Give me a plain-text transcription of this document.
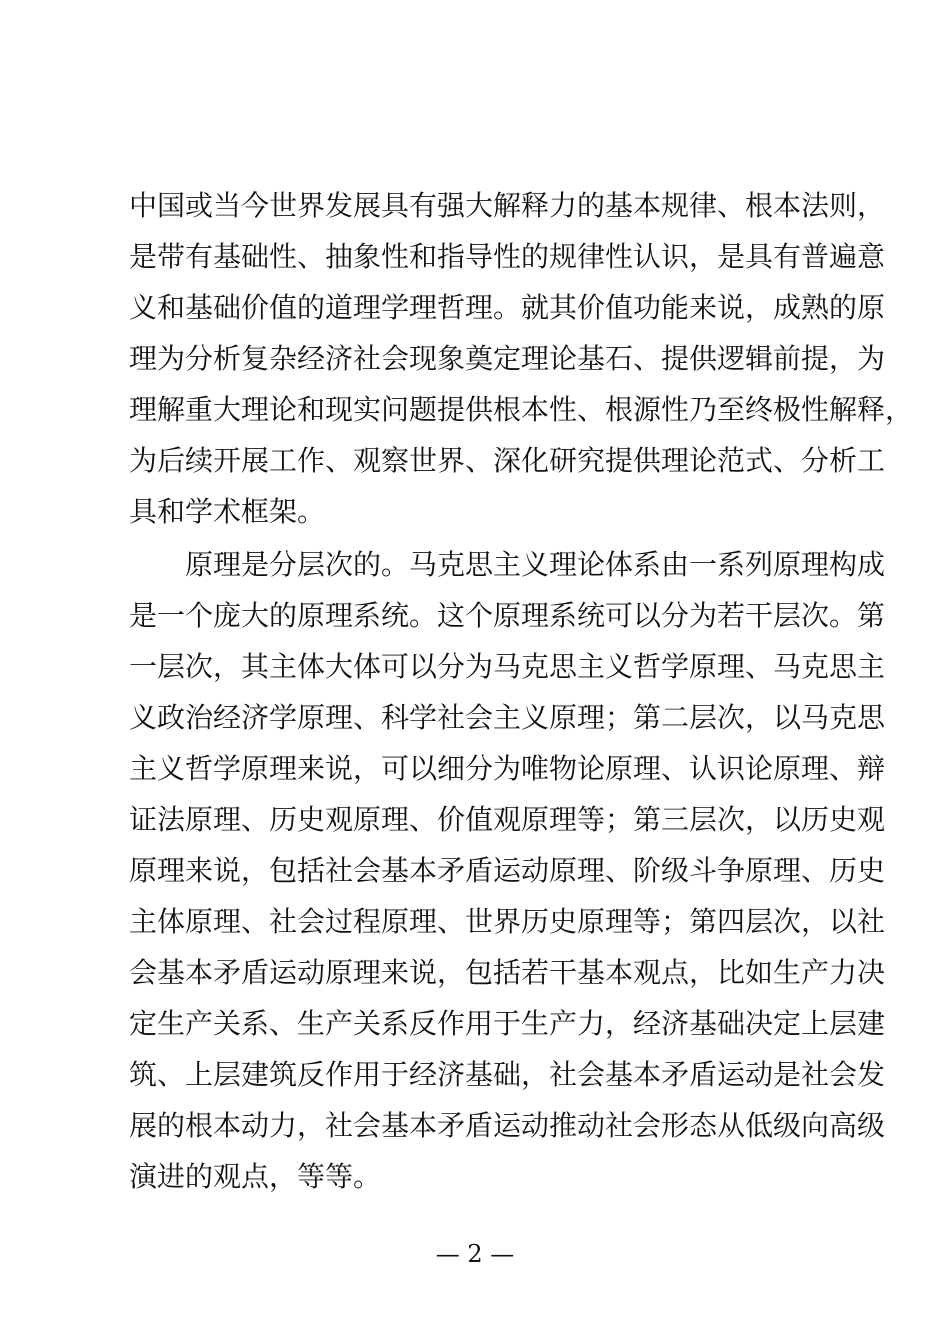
中国或当今世界发展具有强大解释力的基本规律、根本法则，
是带有基础性、抽象性和指导性的规律性认识，是具有普遍意
义和基础价值的道理学理哲理。就其价值功能来说，成熟的原
理为分析复杂经济社会现象奠定理论基石、提供逻辑前提，为
理解重大理论和现实问题提供根本性、根源性乃至终极性解释，
为后续开展工作、观察世界、深化研究提供理论范式、分析工
具和学术框架。
原理是分层次的。马克思主义理论体系由一系列原理构成
是一个庞大的原理系统。这个原理系统可以分为若干层次。第
一层次，其主体大体可以分为马克思主义哲学原理、马克思主
义政治经济学原理、科学社会主义原理；第二层次，以马克思
主义哲学原理来说，可以细分为唯物论原理、认识论原理、辩
证法原理、历史观原理、价值观原理等；第三层次，以历史观
原理来说，包括社会基本矛盾运动原理、阶级斗争原理、历史
主体原理、社会过程原理、世界历史原理等；第四层次，以社
会基本矛盾运动原理来说，包括若干基本观点，比如生产力决
定生产关系、生产关系反作用于生产力，经济基础决定上层建
筑、上层建筑反作用于经济基础，社会基本矛盾运动是社会发
展的根本动力，社会基本矛盾运动推动社会形态从低级向高级
演进的观点，等等。
— 2 —
